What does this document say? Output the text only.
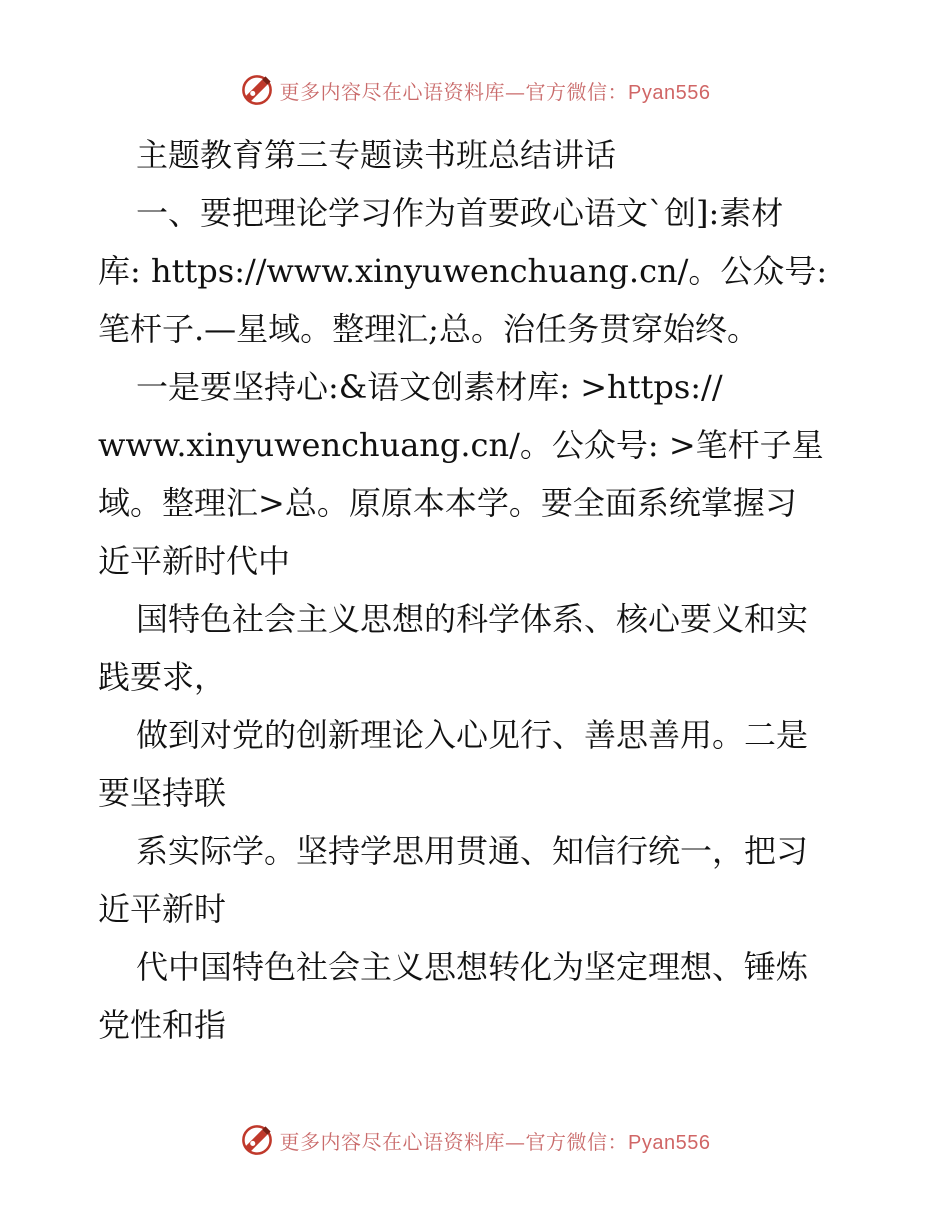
更多内容尽在心语资料库—官方微信：Pyan556
主题教育第三专题读书班总结讲话
一、要把理论学习作为首要政心语文`创]:素材
库: https://www.xinyuwenchuang.cn/。公众号:
笔杆子.—星域。整理汇;总。治任务贯穿始终。
一是要坚持心:&语文创素材库: >https://
www.xinyuwenchuang.cn/。公众号: >笔杆子星
域。整理汇>总。原原本本学。要全面系统掌握习
近平新时代中
国特色社会主义思想的科学体系、核心要义和实
践要求，
做到对党的创新理论入心见行、善思善用。二是
要坚持联
系实际学。坚持学思用贯通、知信行统一，把习
近平新时
代中国特色社会主义思想转化为坚定理想、锤炼
党性和指
更多内容尽在心语资料库—官方微信：Pyan556
